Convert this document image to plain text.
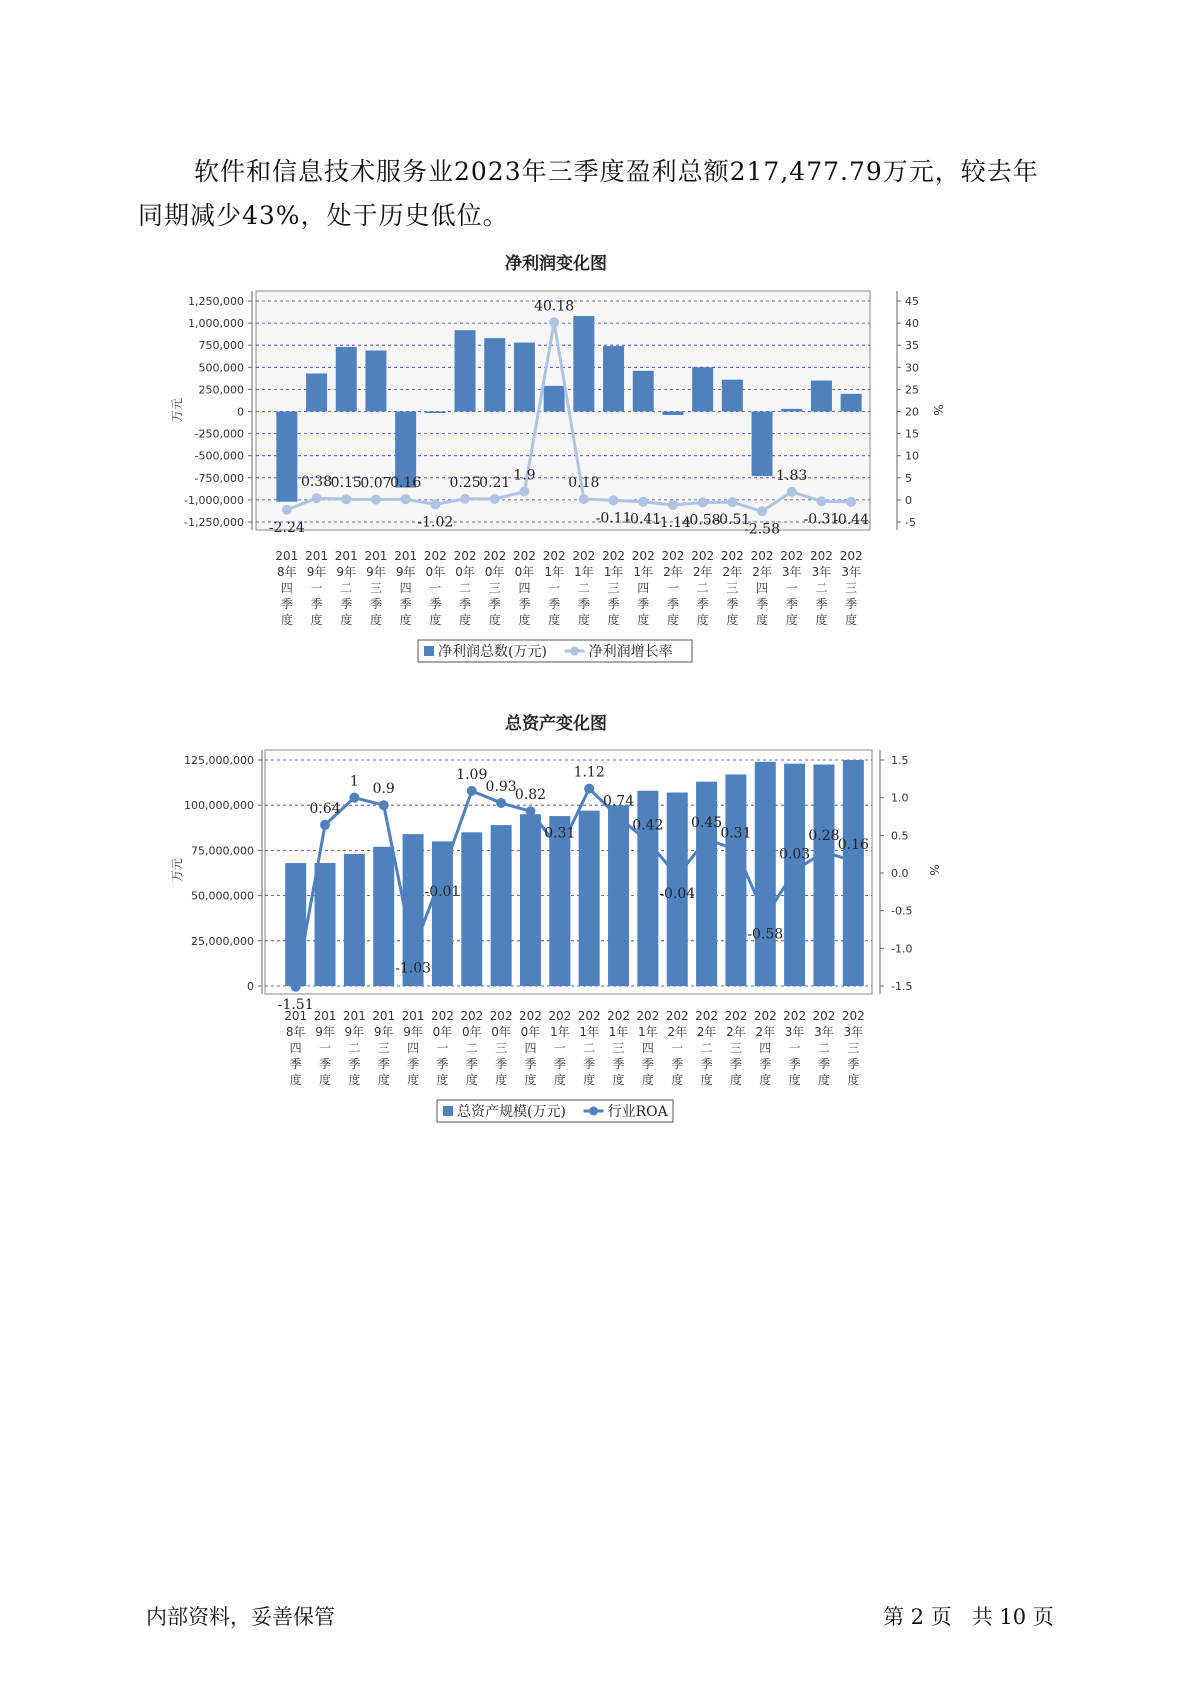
软件和信息技术服务业2023年三季度盈利总额217,477.79万元，较去年同期减少43%，处于历史低位。
净利润变化图
1,250,000
1,000,000
750,000
500,000
250,000
0
-250,000
-500,000
-750,000
-1,000,000
-1,250,000
45
40
35
30
25
20
15
10
5
0
-5
万元	%
-2.24
0.38
0.15
0.07
0.16
-1.02
0.25
0.21 1.9
40.18
0.18
-0.11
-0.41
-1.14
-0.58
-0.51
-2.58
1.83
-0.31
-0.44
201 8年四季度
201 9年一季度
201 9年二季度
201 9年三季度
201 9年四季度
202 0年一季度
202 0年二季度
202 0年三季度
202 0年四季度
202 1年一季度
202 1年二季度
202 1年三季度
202 1年四季度
202 2年一季度
202 2年二季度
202 2年三季度
202 2年四季度
202 3年一季度
202 3年二季度
202 3年三季度
净利润总数(万元)	净利润增长率
总资产变化图
125,000,000
100,000,000
75,000,000
50,000,000
25,000,000
0
1.5
1.0
0.5
0.0
-0.5
-1.0
-1.5
万元	%
-1.51
0.64
1 0.9
-1.03
-0.01
1.09
0.93
0.82
0.31
1.12
0.74
0.42
-0.04
0.45
0.31
-0.58
0.03
0.28
0.16
201 8年四季度
201 9年一季度
201 9年二季度
201 9年三季度
201 9年四季度
202 0年一季度
202 0年二季度
202 0年三季度
202 0年四季度
202 1年一季度
202 1年二季度
202 1年三季度
202 1年四季度
202 2年一季度
202 2年二季度
202 2年三季度
202 2年四季度
202 3年一季度
202 3年二季度
202 3年三季度
总资产规模(万元)	行业ROA
内部资料，妥善保管	第 2 页   共 10 页
